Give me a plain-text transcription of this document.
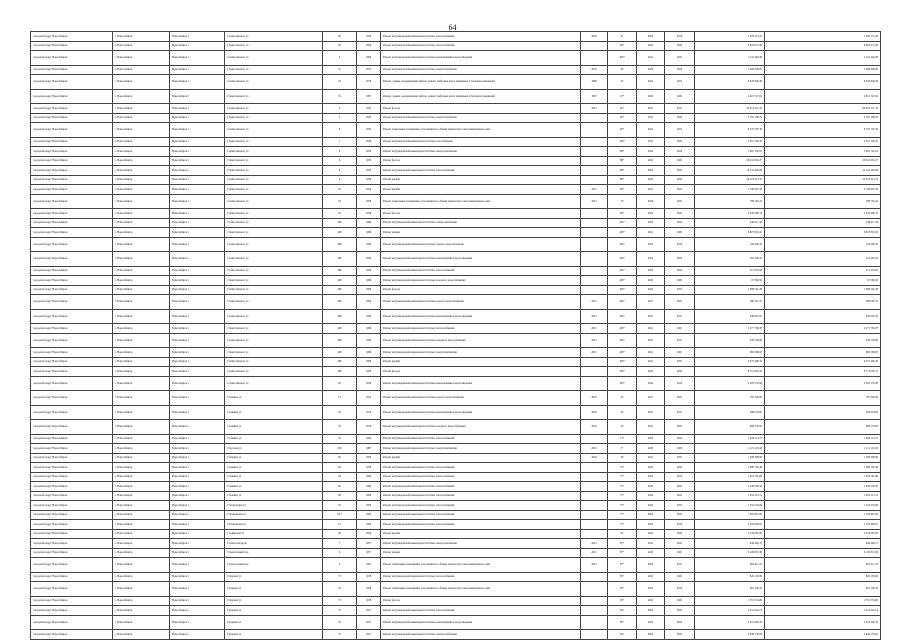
64
городской округ Новосибирск	г. Новосибирск	Новосибирск г	Станиславского ул	20	1959	Ремонт внутридомовой инженерной системы теплоснабжения	2020	41	2020	2020	1 329 213,24	1 330 371,20
городской округ Новосибирск	г. Новосибирск	Новосибирск г	Станиславского ул	20	1959	Ремонт внутридомовой инженерной системы теплоснабжения		84*	2022	2022	8 654 973,36	8 664 973,36
городской округ Новосибирск	г. Новосибирск	Новосибирск г	Станиславского ул	3	1960	Ремонт внутридомовой инженерной системы канализования и водоотведения		100*	2021	2021	2 110 494,36	2 110 494,36
городской округ Новосибирск	г. Новосибирск	Новосибирск г	Станиславского ул	31	1975	Ремонт внутридомовой инженерной системы электроснабжения	2019	20	2020	2020	1 696 958,00	1 696 908,00
городской округ Новосибирск	г. Новосибирск	Новосибирск г	Станиславского ул	33	1976	Ремонт, замена, модернизация лифтов, ремонт лифтовых шахт, машинных и блочных помещений	1986	25	2022	2022	9 643 828,26	9 643 828,26
городской округ Новосибирск	г. Новосибирск	Новосибирск г	Станиславского ул	35	1997	Ремонт, замена, модернизация лифтов, ремонт лифтовых шахт, машинных и блочных помещений	1997	25*	2022	2022	4 821 747,62	4 821 747,62
городской округ Новосибирск	г. Новосибирск	Новосибирск г	Станиславского ул	4	1953	Ремонт фасада	2021	92*	2021	2021	40 013 451,33	40 013 451,33
городской округ Новосибирск	г. Новосибирск	Новосибирск г	Станиславского ул	5	1953	Ремонт внутридомовой инженерной системы электроснабжения		92*	2021	2022	4 765 168,79	4 765 168,79
городской округ Новосибирск	г. Новосибирск	Новосибирск г	Станиславского ул	6	1953	Ремонт подвальных помещений, относящихся к общему имуществу в многоквартирном доме		92*	2022	2022	6 725 707,19	6 725 707,19
городской округ Новосибирск	г. Новосибирск	Новосибирск г	Станиславского ул	7	1948	Ремонт внутридомовой инженерной системы газоснабжения		100*	2021	2021	2 951 746,35	2 951 746,35
городской округ Новосибирск	г. Новосибирск	Новосибирск г	Станиславского ул	8	1956	Ремонт внутридомовой инженерной системы электроснабжения		88*	2022	2022	5 901 791,81	5 901 791,81
городской округ Новосибирск	г. Новосибирск	Новосибирск г	Станиславского ул	8	1956	Ремонт фасада		88*	2022	2022	20 941 632,27	20 941 632,27
городской округ Новосибирск	г. Новосибирск	Новосибирск г	Станиславского ул	8	1956	Ремонт внутридомовой инженерной системы теплоснабжения		88*	2022	2022	12 152 405,96	12 152 405,96
городской округ Новосибирск	г. Новосибирск	Новосибирск г	Станиславского ул	9	1956	Ремонт крыши		86*	2022	2022	24 274 313,13	24 274 313,13
городской округ Новосибирск	г. Новосибирск	Новосибирск г	Станиславского ул	16	1956	Ремонт крыши	2021	96*	2021	2021	5 199 697,59	5 199 697,59
городской округ Новосибирск	г. Новосибирск	Новосибирск г	Станиславского ул	18	1958	Ремонт подвальных помещений, относящихся к общему имуществу в многоквартирном доме	2021	70	2020	2021	708 765,24	708 765,24
городской округ Новосибирск	г. Новосибирск	Новосибирск г	Станиславского ул	16	1958	Ремонт фасада		96*	2022	2022	5 945 998,13	5 945 998,13
городской округ Новосибирск	г. Новосибирск	Новосибирск г	Станиславского ул	460	1986	Ремонт внутридомовой инженерной системы электроснабжения		100*	2022	2022	249 917,44	249 917,44
городской округ Новосибирск	г. Новосибирск	Новосибирск г	Станиславского ул	466	1996	Ремонт крыши		100*	2021	2022	6 827 823,45	6 827 823,45
городской округ Новосибирск	г. Новосибирск	Новосибирск г	Станиславского ул	466	1996	Ремонт внутридомовой инженерной системы горячего водоснабжения		100*	2022	2022	126 446,32	126 446,32
городской округ Новосибирск	г. Новосибирск	Новосибирск г	Станиславского ул	466	1996	Ремонт внутридомовой инженерной системы канализования и водоотведения		100*	2022	2022	162 462,52	162 462,52
городской округ Новосибирск	г. Новосибирск	Новосибирск г	Станиславского ул	466	1996	Ремонт внутридомовой инженерной системы теплоснабжения		100*	2022	2022	471 653,96	471 653,96
городской округ Новосибирск	г. Новосибирск	Новосибирск г	Станиславского ул	466	1996	Ремонт внутридомовой инженерной системы холодного водоснабжения		100*	2022	2022	97 582,56	97 582,56
городской округ Новосибирск	г. Новосибирск	Новосибирск г	Станиславского ул	466	1996	Ремонт фасада		100*	2022	2022	1 698 561,28	1 698 561,28
городской округ Новосибирск	г. Новосибирск	Новосибирск г	Станиславского ул	466	1996	Ремонт внутридомовой инженерной системы горячего водоснабжения	2021	100*	2021	2021	580 267,53	580 067,53
городской округ Новосибирск	г. Новосибирск	Новосибирск г	Станиславского ул	466	1996	Ремонт внутридомовой инженерной системы канализования и водоотведения	2021	100*	2021	2021	930 067,05	930 067,05
городской округ Новосибирск	г. Новосибирск	Новосибирск г	Станиславского ул	466	1996	Ремонт внутридомовой инженерной системы теплоснабжения	2021	100*	2021	2021	2 277 766,78	2 277 766,78
городской округ Новосибирск	г. Новосибирск	Новосибирск г	Станиславского ул	466	1996	Ремонт внутридомовой инженерной системы холодного водоснабжения	2021	100*	2021	2021	439 748,69	439 748,69
городской округ Новосибирск	г. Новосибирск	Новосибирск г	Станиславского ул	466	1996	Ремонт внутридомовой инженерной системы электроснабжения	2021	100*	2021	2021	682 598,03	682 598,03
городской округ Новосибирск	г. Новосибирск	Новосибирск г	Станиславского ул	466	1996	Ремонт крыши		100*	2021	2021	9 275 496,33	9 275 496,33
городской округ Новосибирск	г. Новосибирск	Новосибирск г	Станиславского ул	466	1996	Ремонт фасада		100*	2022	2022	8 751 093,15	8 751 093,15
городской округ Новосибирск	г. Новосибирск	Новосибирск г	Станиславского ул	50	1959	Ремонт внутридомовой инженерной системы канализования и водоотведения		100*	2022	2022	2 305 535,98	2 305 535,98
городской округ Новосибирск	г. Новосибирск	Новосибирск г	Станкина ул	13	1974	Ремонт внутридомовой инженерной системы горячего водоснабжения	2019	20	2021	2021	795 300,06	795 300,06
городской округ Новосибирск	г. Новосибирск	Новосибирск г	Станкина ул	43	1974	Ремонт внутридомовой инженерной системы канализования и водоотведения	2020	20	2021	2021	286 054,06	286 054,06
городской округ Новосибирск	г. Новосибирск	Новосибирск г	Станкина ул	42	1974	Ремонт внутридомовой инженерной системы холодного водоснабжения	2020	20	2021	2021	606 570,82	606 570,82
городской округ Новосибирск	г. Новосибирск	Новосибирск г	Станкина ул	52	1964	Ремонт внутридомовой инженерной системы теплоснабжения		71*	2022	2022	1 626 115,74	1 626 115,74
городской округ Новосибирск	г. Новосибирск	Новосибирск г	Стартовая ул	343	1987	Ремонт внутридомовой инженерной системы электроснабжения	2019	5*	2020	2020	1 121 123,43	1 121 123,43
городской округ Новосибирск	г. Новосибирск	Новосибирск г	Станкина ул	60	1959	Ремонт крыши	2020	36	2021	2021	1 498 368,90	1 498 368,90
городской округ Новосибирск	г. Новосибирск	Новосибирск г	Станкина ул	62	1958	Ремонт внутридомовой инженерной системы теплоснабжения		72*	2022	2022	1 698 165,49	1 698 165,49
городской округ Новосибирск	г. Новосибирск	Новосибирск г	Станкина ул	64	1960	Ремонт внутридомовой инженерной системы теплоснабжения		72*	2022	2022	1 619 761,68	1 619 761,68
городской округ Новосибирск	г. Новосибирск	Новосибирск г	Станкина ул	66	1960	Ремонт внутридомовой инженерной системы теплоснабжения		72*	2022	2022	1 646 526,50	1 646 526,50
городской округ Новосибирск	г. Новосибирск	Новосибирск г	Станкина ул	68	1960	Ремонт внутридомовой инженерной системы теплоснабжения		72*	2022	2022	1 652 215,51	1 652 215,51
городской округ Новосибирск	г. Новосибирск	Новосибирск г	Стахановская ул	16	1956	Ремонт внутридомовой инженерной системы теплоснабжения		72*	2022	2022	1 554 234,69	1 554 234,69
городской округ Новосибирск	г. Новосибирск	Новосибирск г	Стахановская ул	18/1	1963	Ремонт внутридомовой инженерной системы теплоснабжения		75*	2022	2022	1 563 847,90	1 563 847,90
городской округ Новосибирск	г. Новосибирск	Новосибирск г	Стахановская ул	15	1960	Ремонт внутридомовой инженерной системы теплоснабжения		75*	2022	2022	2 576 999,67	2 576 999,67
городской округ Новосибирск	г. Новосибирск	Новосибирск г	Стофинская ул	29	1956	Ремонт крыши		92	2022	2022	2 234 081,82	2 234 081,82
городской округ Новосибирск	г. Новосибирск	Новосибирск г	Строителей пр-кт	7	1957	Ремонт внутридомовой инженерной системы электроснабжения	2021	87*	2021	2021	846 499,17	846 499,17
городской округ Новосибирск	г. Новосибирск	Новосибирск г	Строительный пер	2	1957	Ремонт крыши	2021	87*	2020	2021	6 100 813,30	6 100 813,30
городской округ Новосибирск	г. Новосибирск	Новосибирск г	Строительный пер	4	1957	Ремонт подвальных помещений, относящихся к общему имуществу в многоквартирном доме	2021	87*	2020	2021	895 411,23	895 411,23
городской округ Новосибирск	г. Новосибирск	Новосибирск г	Сухарная ул	37	1958	Ремонт внутридомовой инженерной системы теплоснабжения		85*	2022	2022	826 103,69	826 103,69
городской округ Новосибирск	г. Новосибирск	Новосибирск г	Сухарная ул	35	1958	Ремонт подвальных помещений, относящихся к общему имуществу в многоквартирном доме		65*	2022	2022	481 146,33	481 146,33
городской округ Новосибирск	г. Новосибирск	Новосибирск г	Сухарная ул	37	1958	Ремонт фасада		65*	2022	2022	1 791 534,69	1 791 534,69
городской округ Новосибирск	г. Новосибирск	Новосибирск г	Сухарная ул	70	1971	Ремонт внутридомовой инженерной системы теплоснабжения		64*	2022	2022	2 211 022,14	2 211 022,14
городской округ Новосибирск	г. Новосибирск	Новосибирск г	Сухарная ул	70	1971	Ремонт внутридомовой инженерной системы канализования и водоотведения		80*	2022	2022	2 072 646,79	2 072 646,79
городской округ Новосибирск	г. Новосибирск	Новосибирск г	Сухарная ул	70	1971	Ремонт внутридомовой инженерной системы электроснабжения		64*	2022	2022	4 649 176,64	4 649 176,64
